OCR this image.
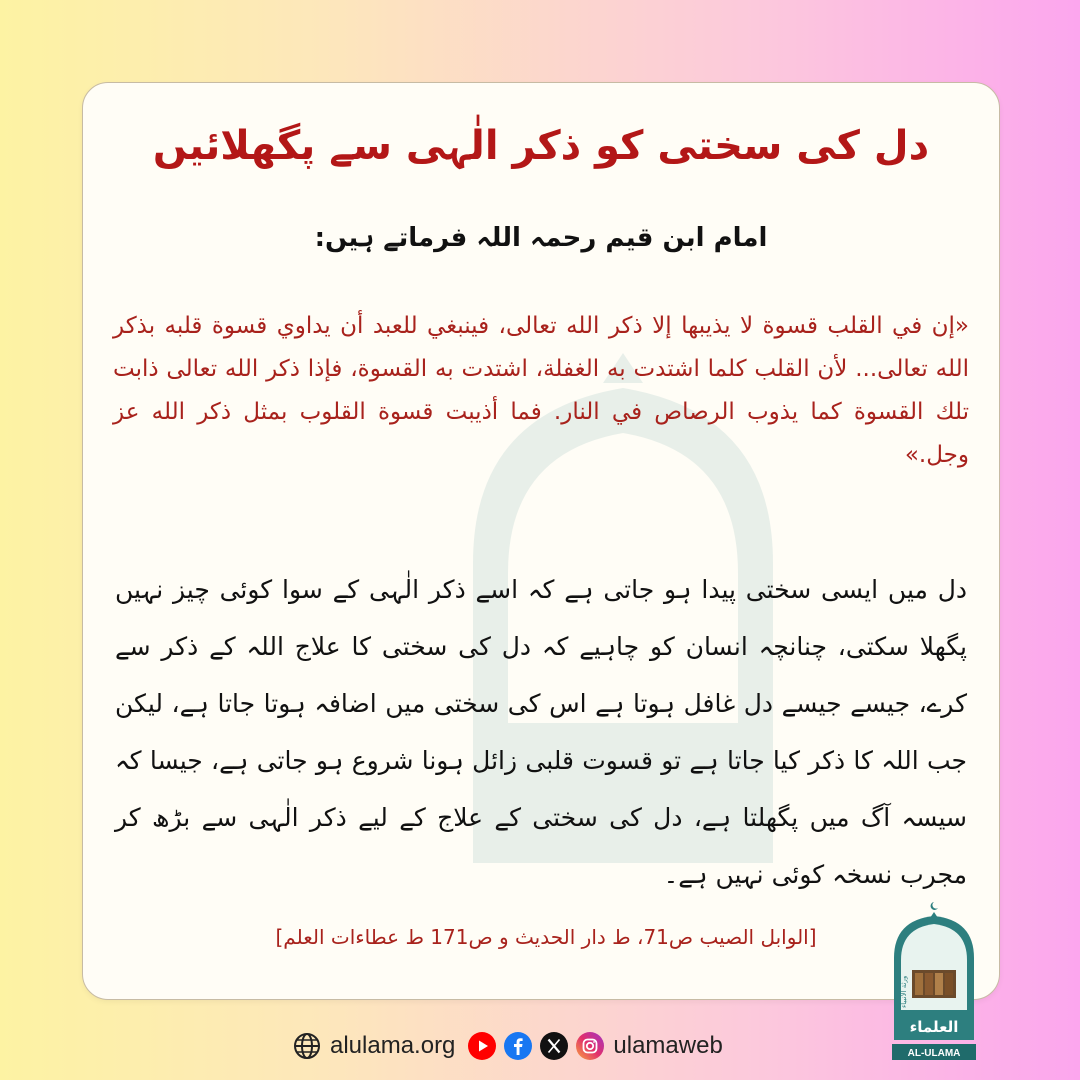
دل کی سختی کو ذکر الٰہی سے پگھلائیں
امام ابن قیم رحمہ اللہ فرماتے ہیں:
«إن في القلب قسوة لا يذيبها إلا ذكر الله تعالى، فينبغي للعبد أن يداوي قسوة قلبه بذكر الله تعالى... لأن القلب كلما اشتدت به الغفلة، اشتدت به القسوة، فإذا ذكر الله تعالى ذابت تلك القسوة كما يذوب الرصاص في النار. فما أذيبت قسوة القلوب بمثل ذكر الله عز وجل.»
دل میں ایسی سختی پیدا ہو جاتی ہے کہ اسے ذکر الٰہی کے سوا کوئی چیز نہیں پگھلا سکتی، چنانچہ انسان کو چاہیے کہ دل کی سختی کا علاج اللہ کے ذکر سے کرے، جیسے جیسے دل غافل ہوتا ہے اس کی سختی میں اضافہ ہوتا جاتا ہے، لیکن جب اللہ کا ذکر کیا جاتا ہے تو قسوت قلبی زائل ہونا شروع ہو جاتی ہے، جیسا کہ سیسہ آگ میں پگھلتا ہے، دل کی سختی کے علاج کے لیے ذکر الٰہی سے بڑھ کر مجرب نسخہ کوئی نہیں ہے۔
[الوابل الصيب ص71، ط دار الحديث و ص171 ط عطاءات العلم]
alulama.org	ulamaweb
العلماء
ورثة الأنبياء
AL-ULAMA
